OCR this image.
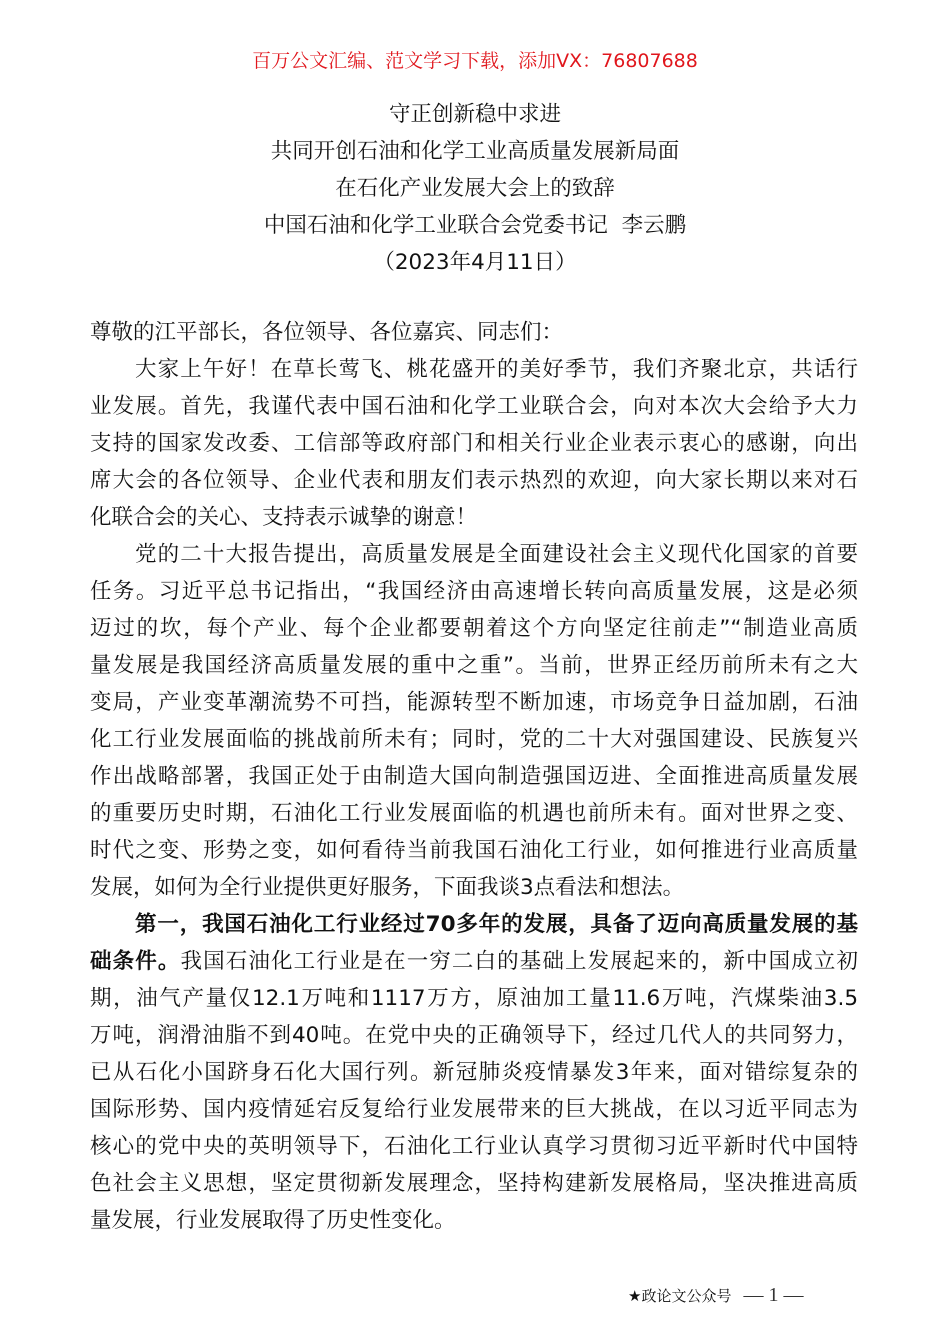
百万公文汇编、范文学习下载，添加VX：76807688
守正创新稳中求进
共同开创石油和化学工业高质量发展新局面
在石化产业发展大会上的致辞
中国石油和化学工业联合会党委书记  李云鹏
（2023年4月11日）
尊敬的江平部长，各位领导、各位嘉宾、同志们：
大家上午好！在草长莺飞、桃花盛开的美好季节，我们齐聚北京，共话行
业发展。首先，我谨代表中国石油和化学工业联合会，向对本次大会给予大力
支持的国家发改委、工信部等政府部门和相关行业企业表示衷心的感谢，向出
席大会的各位领导、企业代表和朋友们表示热烈的欢迎，向大家长期以来对石
化联合会的关心、支持表示诚挚的谢意！
党的二十大报告提出，高质量发展是全面建设社会主义现代化国家的首要
任务。习近平总书记指出，“我国经济由高速增长转向高质量发展，这是必须
迈过的坎，每个产业、每个企业都要朝着这个方向坚定往前走”“制造业高质
量发展是我国经济高质量发展的重中之重”。当前，世界正经历前所未有之大
变局，产业变革潮流势不可挡，能源转型不断加速，市场竞争日益加剧，石油
化工行业发展面临的挑战前所未有；同时，党的二十大对强国建设、民族复兴
作出战略部署，我国正处于由制造大国向制造强国迈进、全面推进高质量发展
的重要历史时期，石油化工行业发展面临的机遇也前所未有。面对世界之变、
时代之变、形势之变，如何看待当前我国石油化工行业，如何推进行业高质量
发展，如何为全行业提供更好服务，下面我谈3点看法和想法。
第一，我国石油化工行业经过70多年的发展，具备了迈向高质量发展的基
础条件。我国石油化工行业是在一穷二白的基础上发展起来的，新中国成立初
期，油气产量仅12.1万吨和1117万方，原油加工量11.6万吨，汽煤柴油3.5
万吨，润滑油脂不到40吨。在党中央的正确领导下，经过几代人的共同努力，
已从石化小国跻身石化大国行列。新冠肺炎疫情暴发3年来，面对错综复杂的
国际形势、国内疫情延宕反复给行业发展带来的巨大挑战，在以习近平同志为
核心的党中央的英明领导下，石油化工行业认真学习贯彻习近平新时代中国特
色社会主义思想，坚定贯彻新发展理念，坚持构建新发展格局，坚决推进高质
量发展，行业发展取得了历史性变化。
★政论文公众号 — 1 —
